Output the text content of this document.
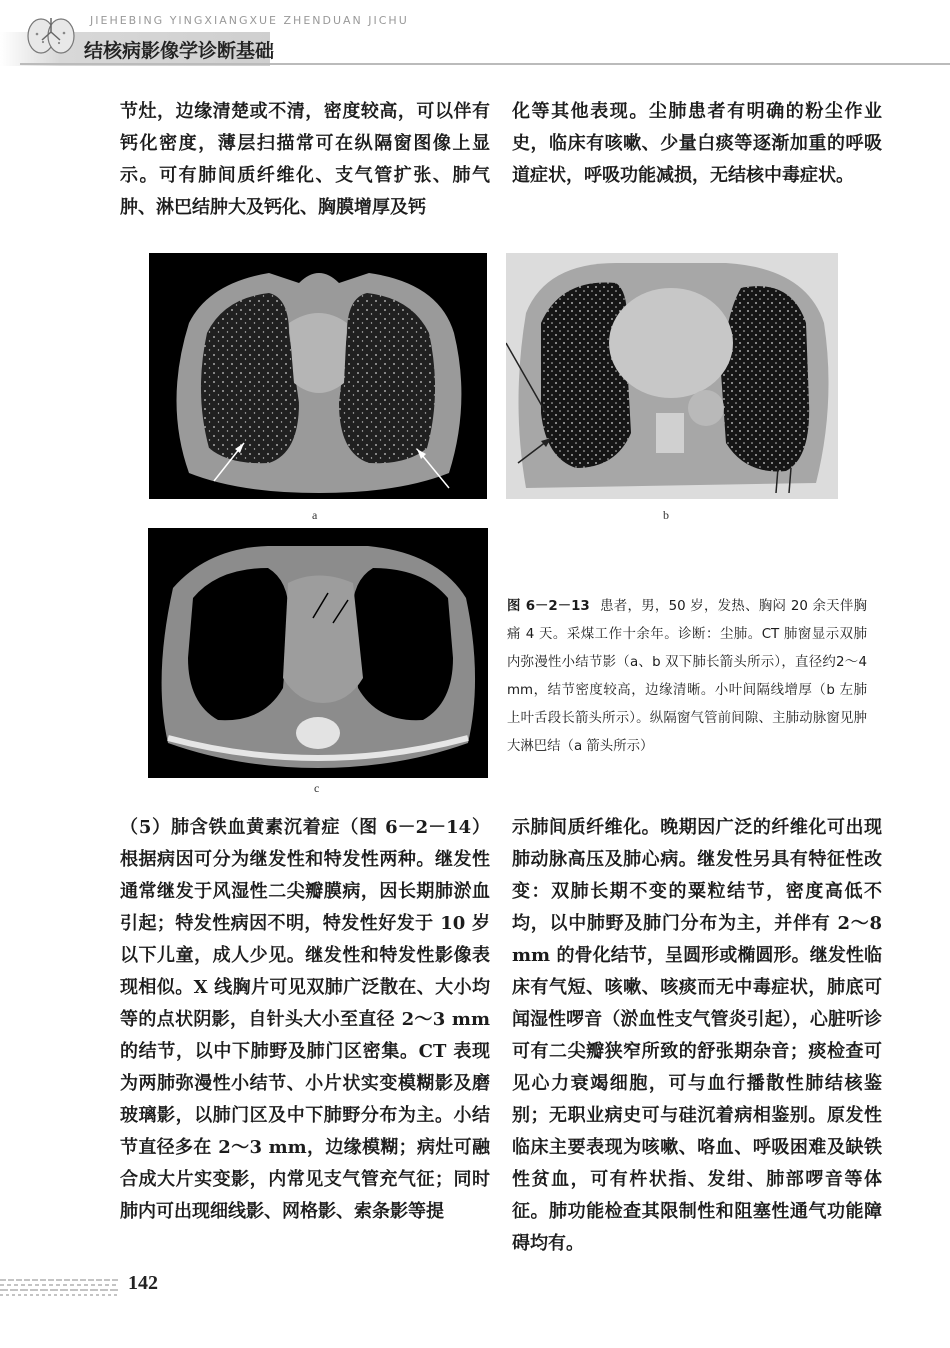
JIEHEBING YINGXIANGXUE ZHENDUAN JICHU
结核病影像学诊断基础

节灶，边缘清楚或不清，密度较高，可以伴有钙化密度，薄层扫描常可在纵隔窗图像上显示。可有肺间质纤维化、支气管扩张、肺气肿、淋巴结肿大及钙化、胸膜增厚及钙

化等其他表现。尘肺患者有明确的粉尘作业史，临床有咳嗽、少量白痰等逐渐加重的呼吸道症状，呼吸功能减损，无结核中毒症状。

a	b
c
图 6－2－13 患者，男，50 岁，发热、胸闷 20 余天伴胸痛 4 天。采煤工作十余年。诊断：尘肺。CT 肺窗显示双肺内弥漫性小结节影（a、b 双下肺长箭头所示），直径约2～4 mm，结节密度较高，边缘清晰。小叶间隔线增厚（b 左肺上叶舌段长箭头所示）。纵隔窗气管前间隙、主肺动脉窗见肿大淋巴结（a 箭头所示）

（5）肺含铁血黄素沉着症（图 6－2－14） 根据病因可分为继发性和特发性两种。继发性通常继发于风湿性二尖瓣膜病，因长期肺淤血引起；特发性病因不明，特发性好发于 10 岁以下儿童，成人少见。继发性和特发性影像表现相似。X 线胸片可见双肺广泛散在、大小均等的点状阴影，自针头大小至直径 2～3 mm 的结节，以中下肺野及肺门区密集。CT 表现为两肺弥漫性小结节、小片状实变模糊影及磨玻璃影，以肺门区及中下肺野分布为主。小结节直径多在 2～3 mm，边缘模糊；病灶可融合成大片实变影，内常见支气管充气征；同时肺内可出现细线影、网格影、索条影等提

示肺间质纤维化。晚期因广泛的纤维化可出现肺动脉高压及肺心病。继发性另具有特征性改变：双肺长期不变的粟粒结节，密度高低不均，以中肺野及肺门分布为主，并伴有 2～8 mm 的骨化结节，呈圆形或椭圆形。继发性临床有气短、咳嗽、咳痰而无中毒症状，肺底可闻湿性啰音（淤血性支气管炎引起），心脏听诊可有二尖瓣狭窄所致的舒张期杂音；痰检查可见心力衰竭细胞，可与血行播散性肺结核鉴别；无职业病史可与硅沉着病相鉴别。原发性临床主要表现为咳嗽、咯血、呼吸困难及缺铁性贫血，可有杵状指、发绀、肺部啰音等体征。肺功能检查其限制性和阻塞性通气功能障碍均有。

142
